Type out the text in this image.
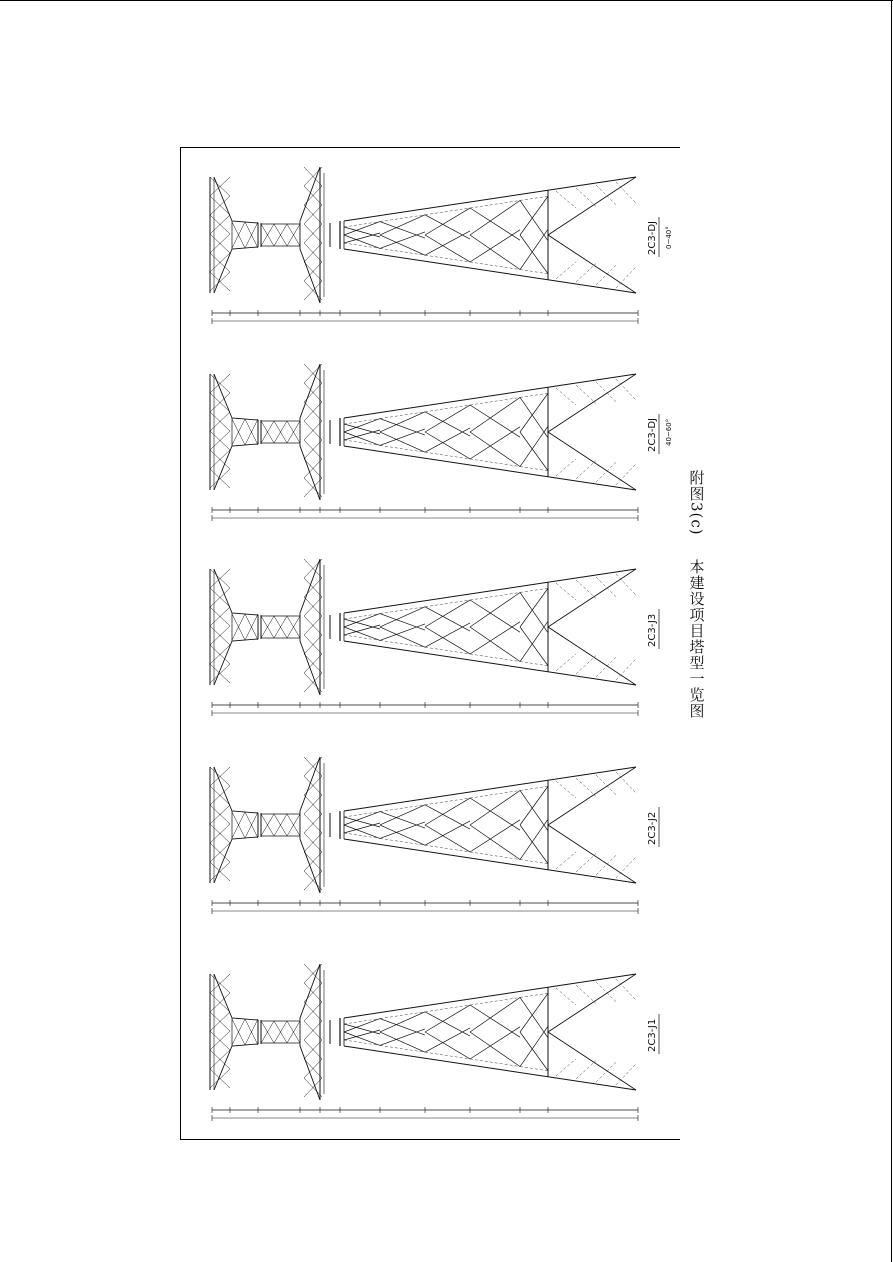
2C3-DJ 0~40°
2C3-DJ 40~60°
2C3-J3
2C3-J2
2C3-J1
附图3(c)

本建设项目塔型一览图
